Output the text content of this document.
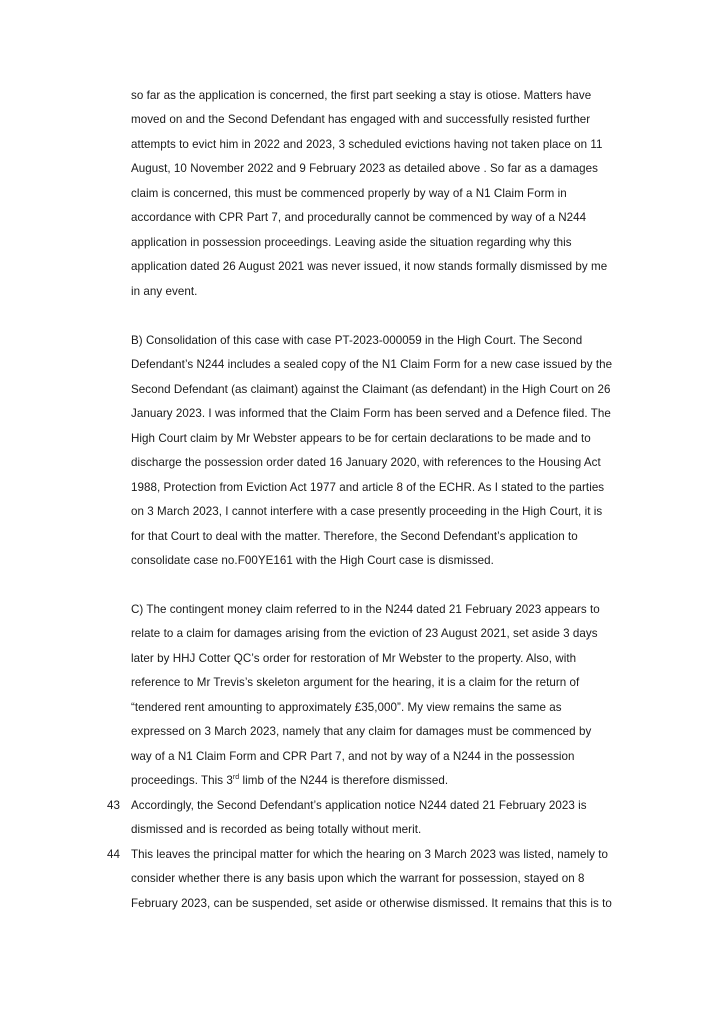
so far as the application is concerned, the first part seeking a stay is otiose. Matters have
moved on and the Second Defendant has engaged with and successfully resisted further
attempts to evict him in 2022 and 2023, 3 scheduled evictions having not taken place on 11
August, 10 November 2022 and 9 February 2023 as detailed above . So far as a damages
claim is concerned, this must be commenced properly by way of a N1 Claim Form in
accordance with CPR Part 7, and procedurally cannot be commenced by way of a N244
application in possession proceedings. Leaving aside the situation regarding why this
application dated 26 August 2021 was never issued, it now stands formally dismissed by me
in any event.
B) Consolidation of this case with case PT-2023-000059 in the High Court. The Second
Defendant’s N244 includes a sealed copy of the N1 Claim Form for a new case issued by the
Second Defendant (as claimant) against the Claimant (as defendant) in the High Court on 26
January 2023. I was informed that the Claim Form has been served and a Defence filed. The
High Court claim by Mr Webster appears to be for certain declarations to be made and to
discharge the possession order dated 16 January 2020, with references to the Housing Act
1988, Protection from Eviction Act 1977 and article 8 of the ECHR. As I stated to the parties
on 3 March 2023, I cannot interfere with a case presently proceeding in the High Court, it is
for that Court to deal with the matter. Therefore, the Second Defendant’s application to
consolidate case no.F00YE161 with the High Court case is dismissed.
C) The contingent money claim referred to in the N244 dated 21 February 2023 appears to
relate to a claim for damages arising from the eviction of 23 August 2021, set aside 3 days
later by HHJ Cotter QC’s order for restoration of Mr Webster to the property. Also, with
reference to Mr Trevis’s skeleton argument for the hearing, it is a claim for the return of
“tendered rent amounting to approximately £35,000”. My view remains the same as
expressed on 3 March 2023, namely that any claim for damages must be commenced by
way of a N1 Claim Form and CPR Part 7, and not by way of a N244 in the possession
proceedings. This 3rd limb of the N244 is therefore dismissed.
43 Accordingly, the Second Defendant’s application notice N244 dated 21 February 2023 is
dismissed and is recorded as being totally without merit.
44 This leaves the principal matter for which the hearing on 3 March 2023 was listed, namely to
consider whether there is any basis upon which the warrant for possession, stayed on 8
February 2023, can be suspended, set aside or otherwise dismissed. It remains that this is to
